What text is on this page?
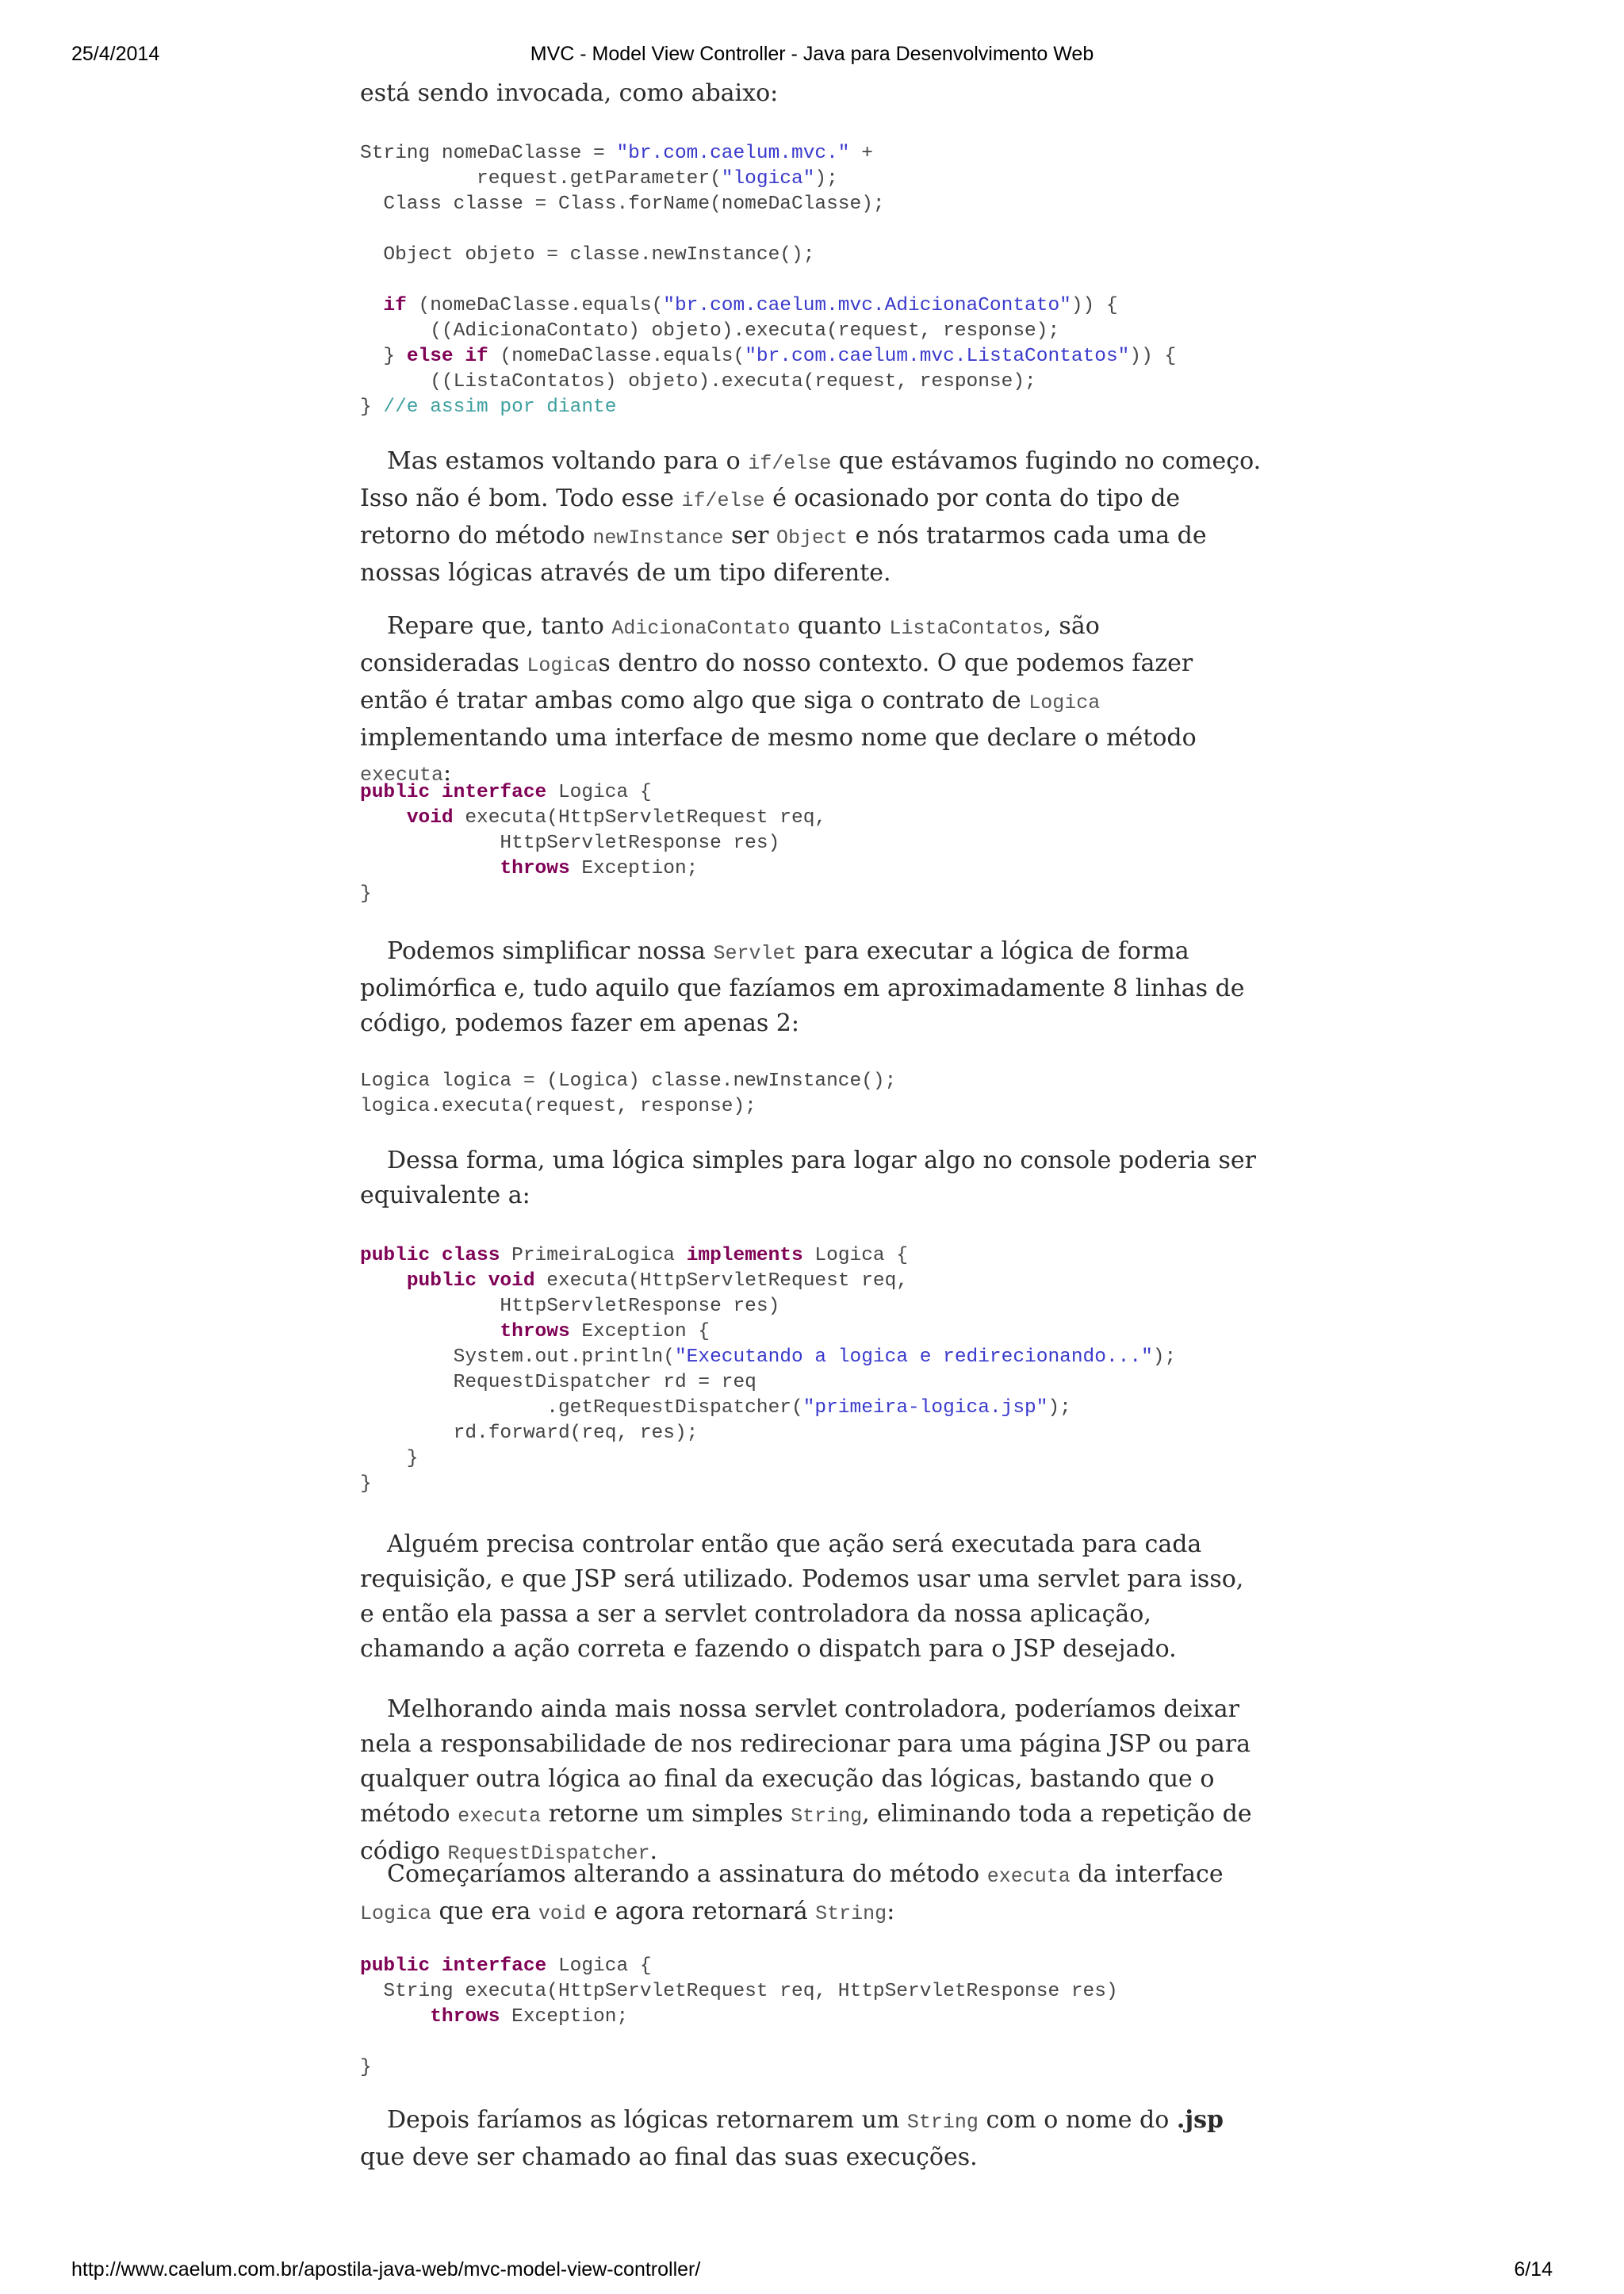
25/4/2014	MVC - Model View Controller - Java para Desenvolvimento Web

está sendo invocada, como abaixo:

String nomeDaClasse = "br.com.caelum.mvc." +
request.getParameter("logica");
Class classe = Class.forName(nomeDaClasse);

Object objeto = classe.newInstance();

if (nomeDaClasse.equals("br.com.caelum.mvc.AdicionaContato")) {
((AdicionaContato) objeto).executa(request, response);
} else if (nomeDaClasse.equals("br.com.caelum.mvc.ListaContatos")) {
((ListaContatos) objeto).executa(request, response);
} //e assim por diante

Mas estamos voltando para o if/else que estávamos fugindo no começo. Isso não é bom. Todo esse if/else é ocasionado por conta do tipo de retorno do método newInstance ser Object e nós tratarmos cada uma de nossas lógicas através de um tipo diferente.

Repare que, tanto AdicionaContato quanto ListaContatos, são consideradas Logicas dentro do nosso contexto. O que podemos fazer então é tratar ambas como algo que siga o contrato de Logica implementando uma interface de mesmo nome que declare o método executa:

public interface Logica {
void executa(HttpServletRequest req,
HttpServletResponse res)
throws Exception;
}

Podemos simplificar nossa Servlet para executar a lógica de forma polimórfica e, tudo aquilo que fazíamos em aproximadamente 8 linhas de código, podemos fazer em apenas 2:

Logica logica = (Logica) classe.newInstance();
logica.executa(request, response);

Dessa forma, uma lógica simples para logar algo no console poderia ser equivalente a:

public class PrimeiraLogica implements Logica {
public void executa(HttpServletRequest req,
HttpServletResponse res)
throws Exception {
System.out.println("Executando a logica e redirecionando...");
RequestDispatcher rd = req
.getRequestDispatcher("primeira-logica.jsp");
rd.forward(req, res);
}
}

Alguém precisa controlar então que ação será executada para cada requisição, e que JSP será utilizado. Podemos usar uma servlet para isso, e então ela passa a ser a servlet controladora da nossa aplicação, chamando a ação correta e fazendo o dispatch para o JSP desejado.

Melhorando ainda mais nossa servlet controladora, poderíamos deixar nela a responsabilidade de nos redirecionar para uma página JSP ou para qualquer outra lógica ao final da execução das lógicas, bastando que o método executa retorne um simples String, eliminando toda a repetição de código RequestDispatcher.

Começaríamos alterando a assinatura do método executa da interface Logica que era void e agora retornará String:

public interface Logica {
String executa(HttpServletRequest req, HttpServletResponse res)
throws Exception;

}

Depois faríamos as lógicas retornarem um String com o nome do .jsp que deve ser chamado ao final das suas execuções.

http://www.caelum.com.br/apostila-java-web/mvc-model-view-controller/	6/14
